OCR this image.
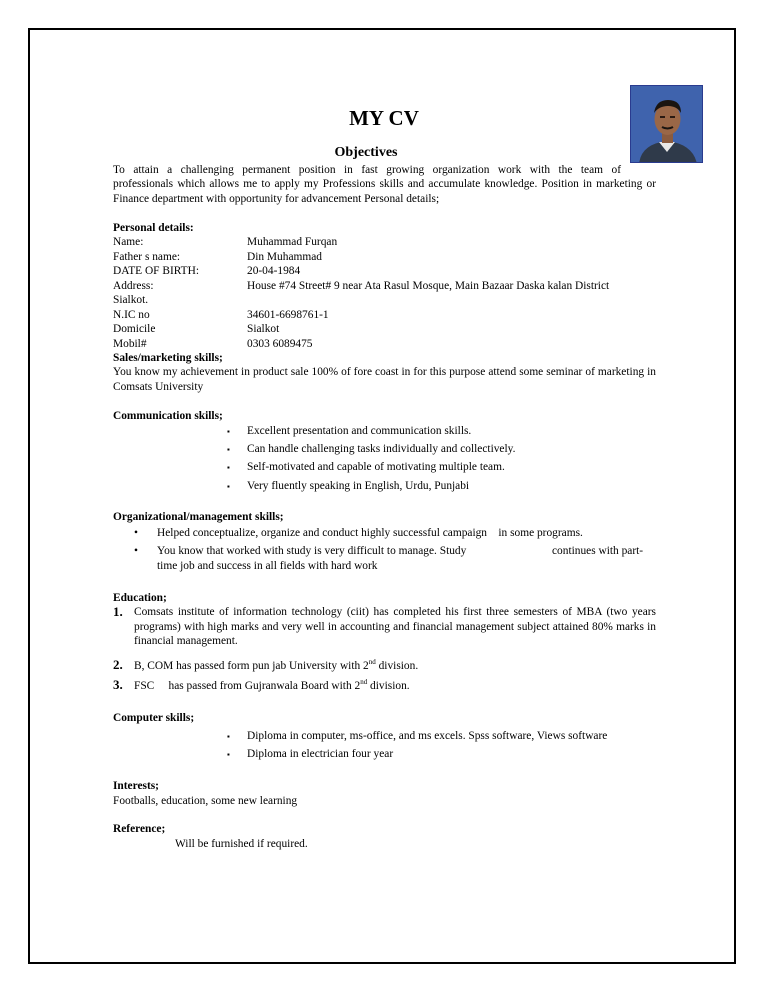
MY CV
Objectives
To attain a challenging permanent position in fast growing organization work with the team of
professionals which allows me to apply my Professions skills and accumulate knowledge. Position in marketing or Finance department with opportunity for advancement Personal details;
Personal details:
Name:	Muhammad Furqan
Father s name:	Din Muhammad
DATE OF BIRTH:	20-04-1984
Address:	House #74 Street# 9 near Ata Rasul Mosque, Main Bazaar Daska kalan District
Sialkot.
N.IC no	34601-6698761-1
Domicile	Sialkot
Mobil#	0303 6089475
Sales/marketing skills;
You know my achievement in product sale 100% of fore coast in for this purpose attend some seminar of marketing in Comsats University
Communication skills;
▪ Excellent presentation and communication skills.
▪ Can handle challenging tasks individually and collectively.
▪ Self-motivated and capable of motivating multiple team.
▪ Very fluently speaking in English, Urdu, Punjabi
Organizational/management skills;
• Helped conceptualize, organize and conduct highly successful campaign    in some programs.
• You know that worked with study is very difficult to manage. Study	continues with part-
time job and success in all fields with hard work
Education;
1. Comsats institute of information technology (ciit) has completed his first three semesters of MBA (two years programs) with high marks and very well in accounting and financial management subject attained 80% marks in financial management.
2. B, COM has passed form pun jab University with 2nd division.
3. FSC     has passed from Gujranwala Board with 2nd division.
Computer skills;
▪ Diploma in computer, ms-office, and ms excels. Spss software, Views software
▪ Diploma in electrician four year
Interests;
Footballs, education, some new learning
Reference;
Will be furnished if required.
